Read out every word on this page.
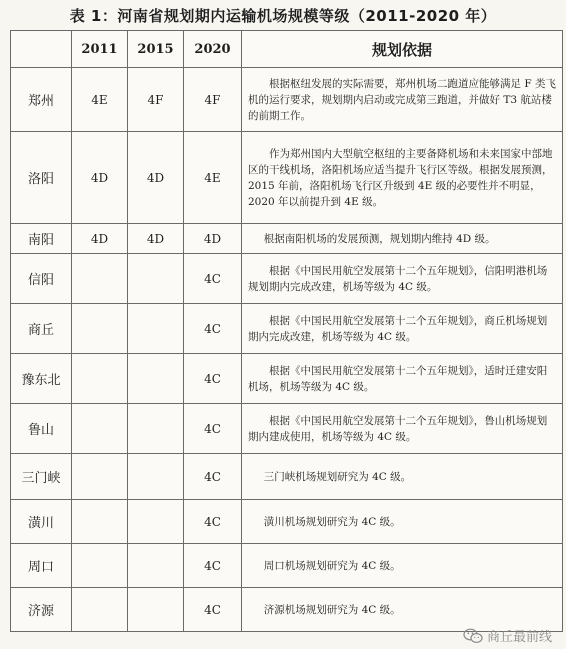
表 1：河南省规划期内运输机场规模等级（2011-2020 年）
	2011	2015	2020	规划依据
郑州	4E	4F	4F	根据枢纽发展的实际需要，郑州机场二跑道应能够满足 F 类飞机的运行要求，规划期内启动或完成第三跑道，并做好 T3 航站楼的前期工作。

洛阳	4D	4D	4E	作为郑州国内大型航空枢纽的主要备降机场和未来国家中部地区的干线机场，洛阳机场应适当提升飞行区等级。根据发展预测，2015 年前，洛阳机场飞行区升级到 4E 级的必要性并不明显，2020 年以前提升到 4E 级。

南阳	4D	4D	4D	根据南阳机场的发展预测，规划期内维持 4D 级。

信阳			4C	根据《中国民用航空发展第十二个五年规划》，信阳明港机场规划期内完成改建，机场等级为 4C 级。

商丘			4C	根据《中国民用航空发展第十二个五年规划》，商丘机场规划期内完成改建，机场等级为 4C 级。

豫东北			4C	根据《中国民用航空发展第十二个五年规划》，适时迁建安阳机场，机场等级为 4C 级。

鲁山			4C	根据《中国民用航空发展第十二个五年规划》，鲁山机场规划期内建成使用，机场等级为 4C 级。

三门峡			4C	三门峡机场规划研究为 4C 级。

潢川			4C	潢川机场规划研究为 4C 级。

周口			4C	周口机场规划研究为 4C 级。

济源			4C	济源机场规划研究为 4C 级。
商丘最前线
